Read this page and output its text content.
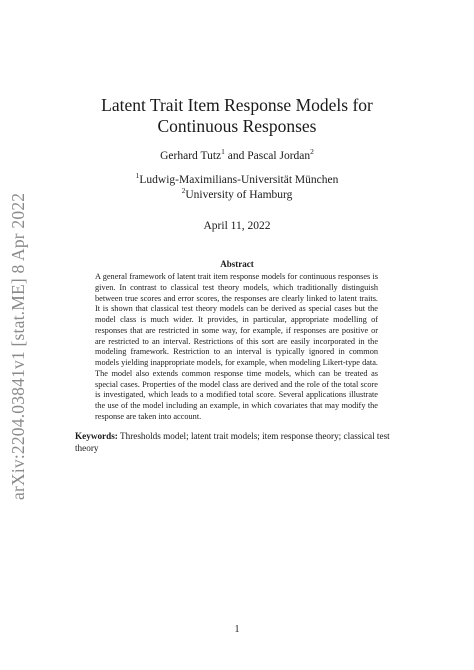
arXiv:2204.03841v1 [stat.ME] 8 Apr 2022
Latent Trait Item Response Models for
Continuous Responses
Gerhard Tutz$^1$ and Pascal Jordan$^2$
$^1$Ludwig-Maximilians-Universität München
$^2$University of Hamburg
April 11, 2022
Abstract
A general framework of latent trait item response models for continuous responses is given. In contrast to classical test theory models, which traditionally distinguish between true scores and error scores, the responses are clearly linked to latent traits. It is shown that classical test theory models can be derived as special cases but the model class is much wider. It provides, in particular, appropriate modelling of responses that are restricted in some way, for example, if responses are positive or are restricted to an interval. Restrictions of this sort are easily incorporated in the modeling framework. Restriction to an interval is typically ignored in common models yielding inappropriate models, for example, when modeling Likert-type data. The model also extends common response time models, which can be treated as special cases. Properties of the model class are derived and the role of the total score is investigated, which leads to a modified total score. Several applications illustrate the use of the model including an example, in which covariates that may modify the response are taken into account.
Keywords: Thresholds model; latent trait models; item response theory; classical test theory
1
